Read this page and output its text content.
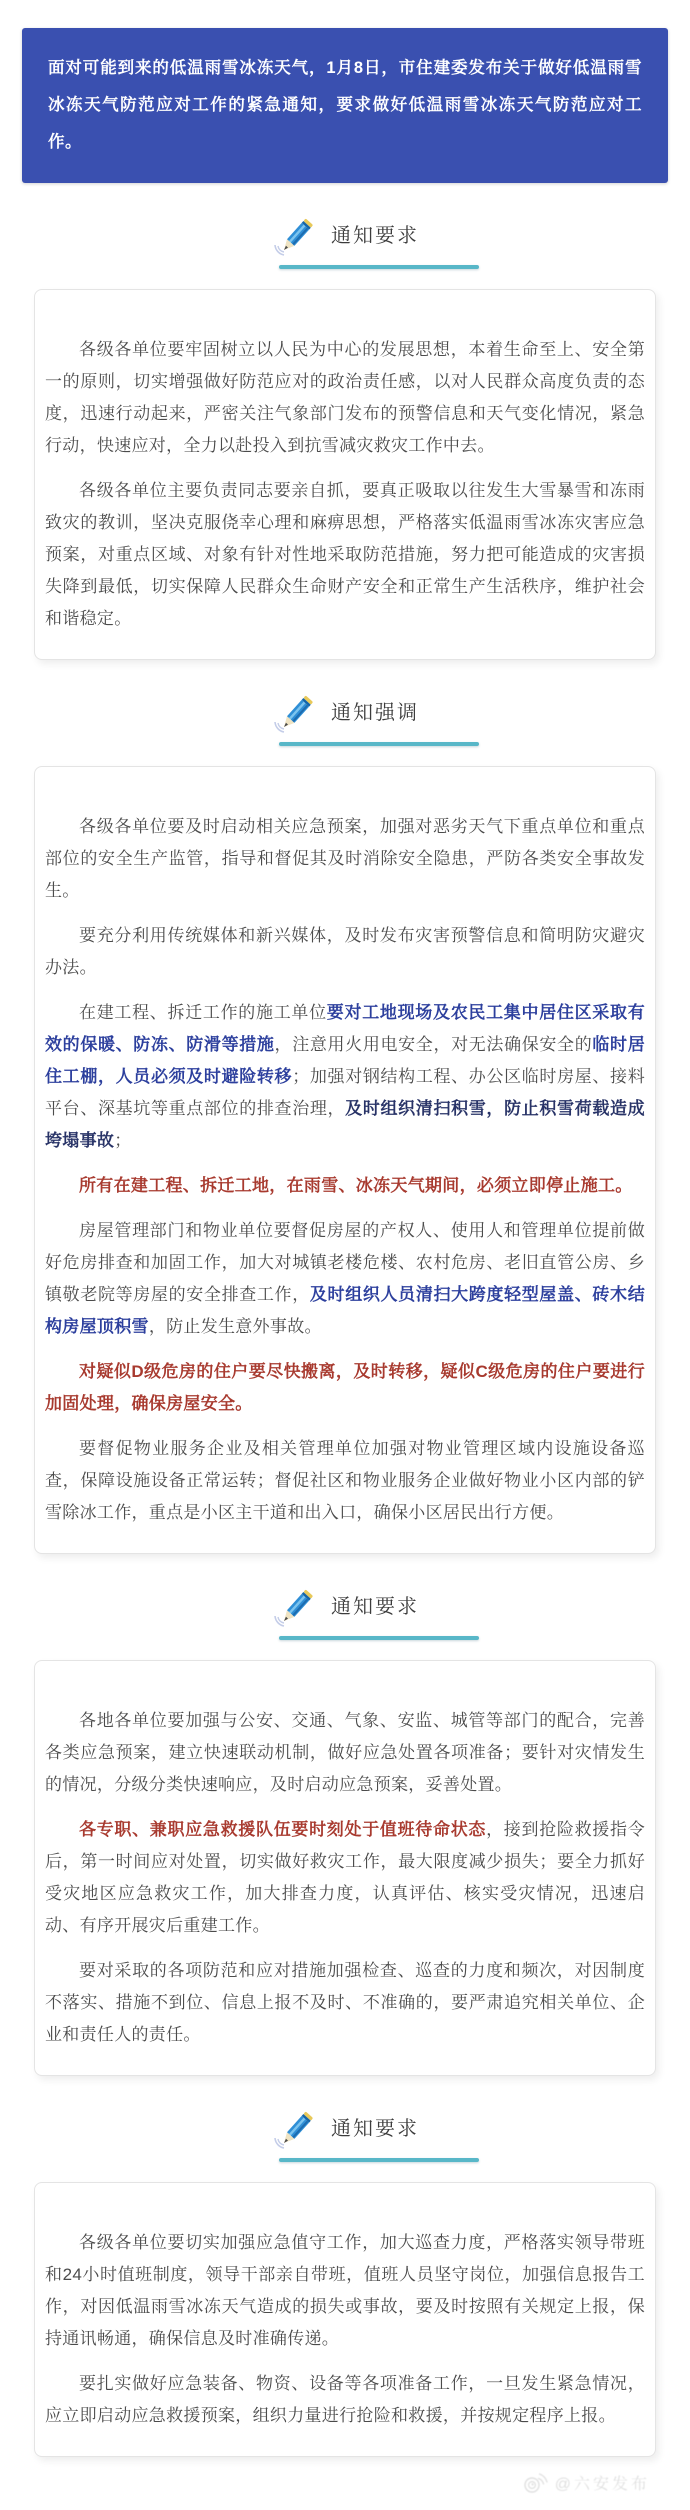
面对可能到来的低温雨雪冰冻天气，1月8日，市住建委发布关于做好低温雨雪冰冻天气防范应对工作的紧急通知，要求做好低温雨雪冰冻天气防范应对工作。

通知要求

各级各单位要牢固树立以人民为中心的发展思想，本着生命至上、安全第一的原则，切实增强做好防范应对的政治责任感，以对人民群众高度负责的态度，迅速行动起来，严密关注气象部门发布的预警信息和天气变化情况，紧急行动，快速应对，全力以赴投入到抗雪减灾救灾工作中去。

各级各单位主要负责同志要亲自抓，要真正吸取以往发生大雪暴雪和冻雨致灾的教训，坚决克服侥幸心理和麻痹思想，严格落实低温雨雪冰冻灾害应急预案，对重点区域、对象有针对性地采取防范措施，努力把可能造成的灾害损失降到最低，切实保障人民群众生命财产安全和正常生产生活秩序，维护社会和谐稳定。

通知强调

各级各单位要及时启动相关应急预案，加强对恶劣天气下重点单位和重点部位的安全生产监管，指导和督促其及时消除安全隐患，严防各类安全事故发生。

要充分利用传统媒体和新兴媒体，及时发布灾害预警信息和简明防灾避灾办法。

在建工程、拆迁工作的施工单位要对工地现场及农民工集中居住区采取有效的保暖、防冻、防滑等措施，注意用火用电安全，对无法确保安全的临时居住工棚，人员必须及时避险转移；加强对钢结构工程、办公区临时房屋、接料平台、深基坑等重点部位的排查治理，及时组织清扫积雪，防止积雪荷载造成垮塌事故；

所有在建工程、拆迁工地，在雨雪、冰冻天气期间，必须立即停止施工。

房屋管理部门和物业单位要督促房屋的产权人、使用人和管理单位提前做好危房排查和加固工作，加大对城镇老楼危楼、农村危房、老旧直管公房、乡镇敬老院等房屋的安全排查工作，及时组织人员清扫大跨度轻型屋盖、砖木结构房屋顶积雪，防止发生意外事故。

对疑似D级危房的住户要尽快搬离，及时转移，疑似C级危房的住户要进行加固处理，确保房屋安全。

要督促物业服务企业及相关管理单位加强对物业管理区域内设施设备巡查，保障设施设备正常运转；督促社区和物业服务企业做好物业小区内部的铲雪除冰工作，重点是小区主干道和出入口，确保小区居民出行方便。

通知要求

各地各单位要加强与公安、交通、气象、安监、城管等部门的配合，完善各类应急预案，建立快速联动机制，做好应急处置各项准备；要针对灾情发生的情况，分级分类快速响应，及时启动应急预案，妥善处置。

各专职、兼职应急救援队伍要时刻处于值班待命状态，接到抢险救援指令后，第一时间应对处置，切实做好救灾工作，最大限度减少损失；要全力抓好受灾地区应急救灾工作，加大排查力度，认真评估、核实受灾情况，迅速启动、有序开展灾后重建工作。

要对采取的各项防范和应对措施加强检查、巡查的力度和频次，对因制度不落实、措施不到位、信息上报不及时、不准确的，要严肃追究相关单位、企业和责任人的责任。

通知要求

各级各单位要切实加强应急值守工作，加大巡查力度，严格落实领导带班和24小时值班制度，领导干部亲自带班，值班人员坚守岗位，加强信息报告工作，对因低温雨雪冰冻天气造成的损失或事故，要及时按照有关规定上报，保持通讯畅通，确保信息及时准确传递。

要扎实做好应急装备、物资、设备等各项准备工作，一旦发生紧急情况，应立即启动应急救援预案，组织力量进行抢险和救援，并按规定程序上报。

@六安发布
